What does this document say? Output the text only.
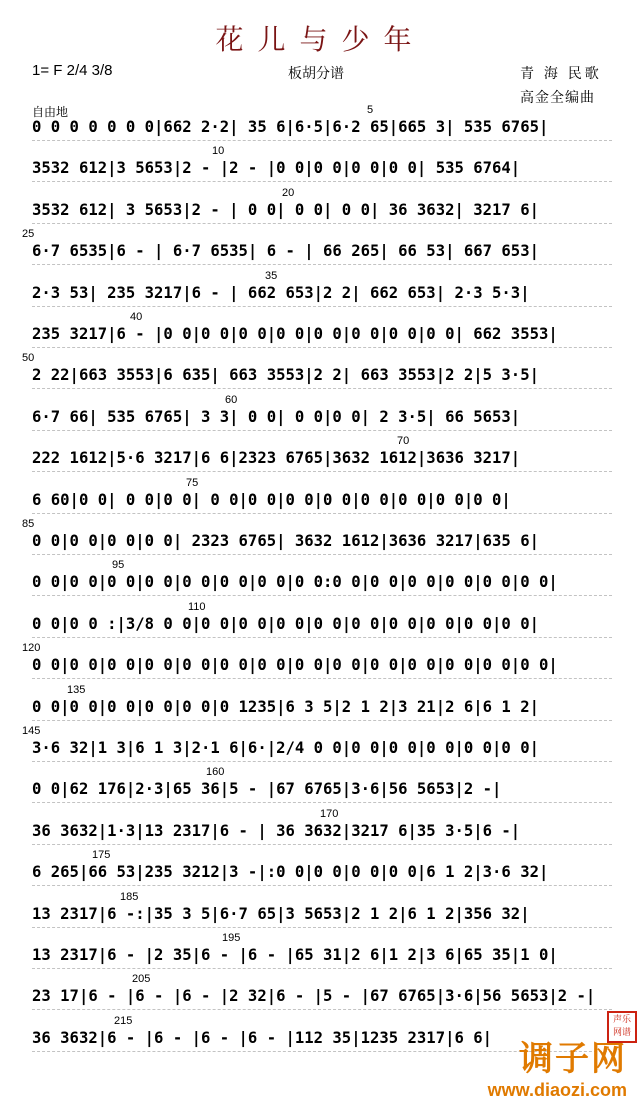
花儿与少年
1= F 2/4 3/8	板胡分谱	青 海 民歌
高金全编曲
自由地
0 0 0 0 0 0 0|662 2·2| 35 6|6·5|6·2 65|665 3| 535 6765|
5
3532 612|3 5653|2 - |2 - |0 0|0 0|0 0|0 0| 535 6764|
10
3532 612| 3 5653|2 - | 0 0| 0 0| 0 0| 36 3632| 3217 6|
20
6·7 6535|6 - | 6·7 6535| 6 - | 66 265| 66 53| 667 653|
25
2·3 53| 235 3217|6 - | 662 653|2 2| 662 653| 2·3 5·3|
35
235 3217|6 - |0 0|0 0|0 0|0 0|0 0|0 0|0 0|0 0| 662 3553|
40
2 22|663 3553|6 635| 663 3553|2 2| 663 3553|2 2|5 3·5|
50
6·7 66| 535 6765| 3 3| 0 0| 0 0|0 0| 2 3·5| 66 5653|
60
222 1612|5·6 3217|6 6|2323 6765|3632 1612|3636 3217|
70
6 60|0 0| 0 0|0 0| 0 0|0 0|0 0|0 0|0 0|0 0|0 0|0 0|
75
0 0|0 0|0 0|0 0| 2323 6765| 3632 1612|3636 3217|635 6|
85
0 0|0 0|0 0|0 0|0 0|0 0|0 0|0 0:0 0|0 0|0 0|0 0|0 0|0 0|
95
0 0|0 0 :|3/8 0 0|0 0|0 0|0 0|0 0|0 0|0 0|0 0|0 0|0 0|
110
0 0|0 0|0 0|0 0|0 0|0 0|0 0|0 0|0 0|0 0|0 0|0 0|0 0|0 0|
120
0 0|0 0|0 0|0 0|0 0|0 1235|6 3 5|2 1 2|3 21|2 6|6 1 2|
135
3·6 32|1 3|6 1 3|2·1 6|6·|2/4 0 0|0 0|0 0|0 0|0 0|0 0|
145
0 0|62 176|2·3|65 36|5 - |67 6765|3·6|56 5653|2 -|
160
36 3632|1·3|13 2317|6 - | 36 3632|3217 6|35 3·5|6 -|
170
6 265|66 53|235 3212|3 -|:0 0|0 0|0 0|0 0|6 1 2|3·6 32|
175
13 2317|6 -:|35 3 5|6·7 65|3 5653|2 1 2|6 1 2|356 32|
185
13 2317|6 - |2 35|6 - |6 - |65 31|2 6|1 2|3 6|65 35|1 0|
195
23 17|6 - |6 - |6 - |2 32|6 - |5 - |67 6765|3·6|56 5653|2 -|
205
36 3632|6 - |6 - |6 - |6 - |112 35|1235 2317|6 6|
215
调子网
www.diaozi.com
声乐网谱
